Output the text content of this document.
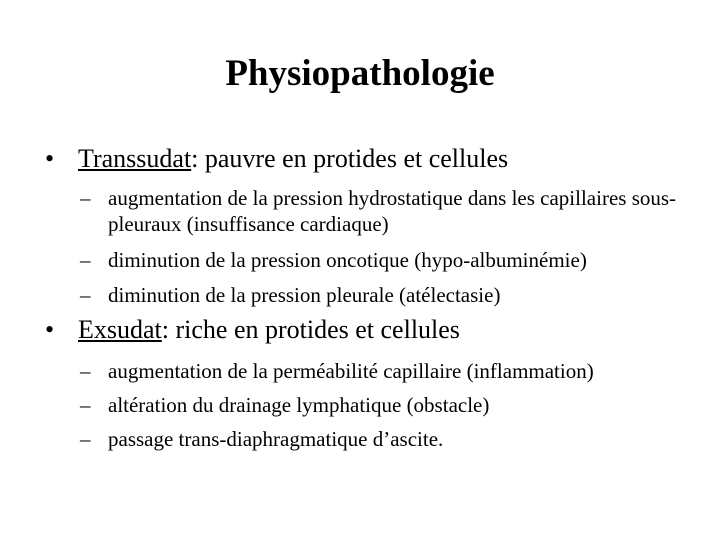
Physiopathologie
• Transsudat: pauvre en protides et cellules
– augmentation de la pression hydrostatique dans les capillaires sous-pleuraux (insuffisance cardiaque)
– diminution de la pression oncotique (hypo-albuminémie)
– diminution de la pression pleurale (atélectasie)
• Exsudat: riche en protides et cellules
– augmentation de la perméabilité capillaire (inflammation)
– altération du drainage lymphatique (obstacle)
– passage trans-diaphragmatique d’ascite.
